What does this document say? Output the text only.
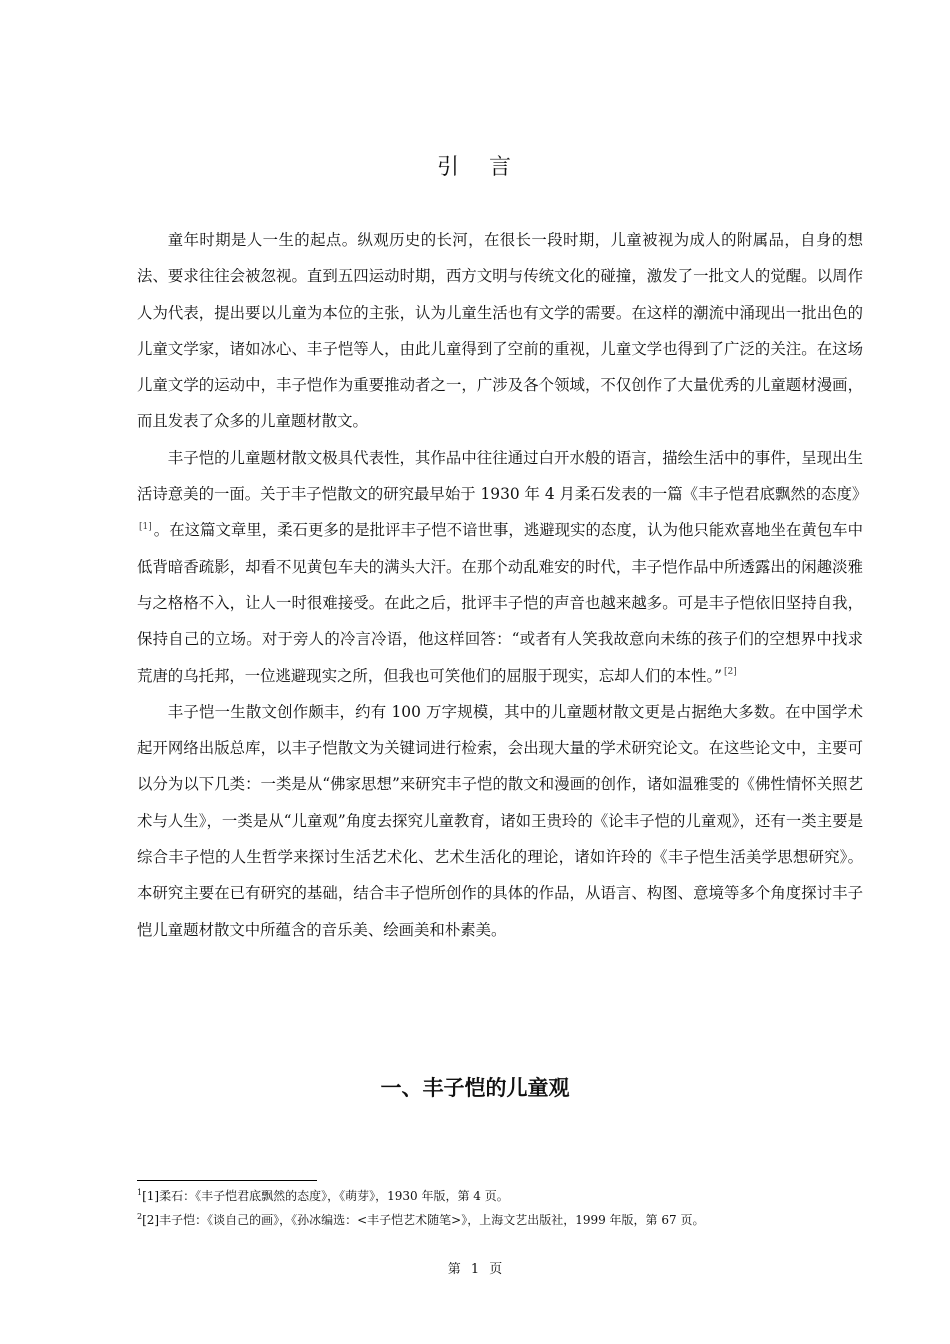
引 言

童年时期是人一生的起点。纵观历史的长河，在很长一段时期，儿童被视为成人的附属品，自身的想法、要求往往会被忽视。直到五四运动时期，西方文明与传统文化的碰撞，激发了一批文人的觉醒。以周作人为代表，提出要以儿童为本位的主张，认为儿童生活也有文学的需要。在这样的潮流中涌现出一批出色的儿童文学家，诸如冰心、丰子恺等人，由此儿童得到了空前的重视，儿童文学也得到了广泛的关注。在这场儿童文学的运动中，丰子恺作为重要推动者之一，广涉及各个领域，不仅创作了大量优秀的儿童题材漫画，而且发表了众多的儿童题材散文。

丰子恺的儿童题材散文极具代表性，其作品中往往通过白开水般的语言，描绘生活中的事件，呈现出生活诗意美的一面。关于丰子恺散文的研究最早始于 1930 年 4 月柔石发表的一篇《丰子恺君底飘然的态度》[1] 。在这篇文章里，柔石更多的是批评丰子恺不谙世事，逃避现实的态度，认为他只能欢喜地坐在黄包车中低背暗香疏影，却看不见黄包车夫的满头大汗。在那个动乱难安的时代，丰子恺作品中所透露出的闲趣淡雅与之格格不入，让人一时很难接受。在此之后，批评丰子恺的声音也越来越多。可是丰子恺依旧坚持自我，保持自己的立场。对于旁人的冷言冷语，他这样回答：“或者有人笑我故意向未练的孩子们的空想界中找求荒唐的乌托邦，一位逃避现实之所，但我也可笑他们的屈服于现实，忘却人们的本性。” [2]

丰子恺一生散文创作颇丰，约有 100 万字规模，其中的儿童题材散文更是占据绝大多数。在中国学术起开网络出版总库，以丰子恺散文为关键词进行检索，会出现大量的学术研究论文。在这些论文中，主要可以分为以下几类：一类是从“佛家思想”来研究丰子恺的散文和漫画的创作，诸如温雅雯的《佛性情怀关照艺术与人生》，一类是从“儿童观”角度去探究儿童教育，诸如王贵玲的《论丰子恺的儿童观》，还有一类主要是综合丰子恺的人生哲学来探讨生活艺术化、艺术生活化的理论，诸如许玲的《丰子恺生活美学思想研究》。本研究主要在已有研究的基础，结合丰子恺所创作的具体的作品，从语言、构图、意境等多个角度探讨丰子恺儿童题材散文中所蕴含的音乐美、绘画美和朴素美。

一、丰子恺的儿童观
$^1$[1]柔石：《丰子恺君底飘然的态度》，《萌芽》，1930 年版，第 4 页。
$^2$[2]丰子恺：《谈自己的画》，《孙冰编选：<丰子恺艺术随笔>》，上海文艺出版社，1999 年版，第 67 页。
第 1 页
